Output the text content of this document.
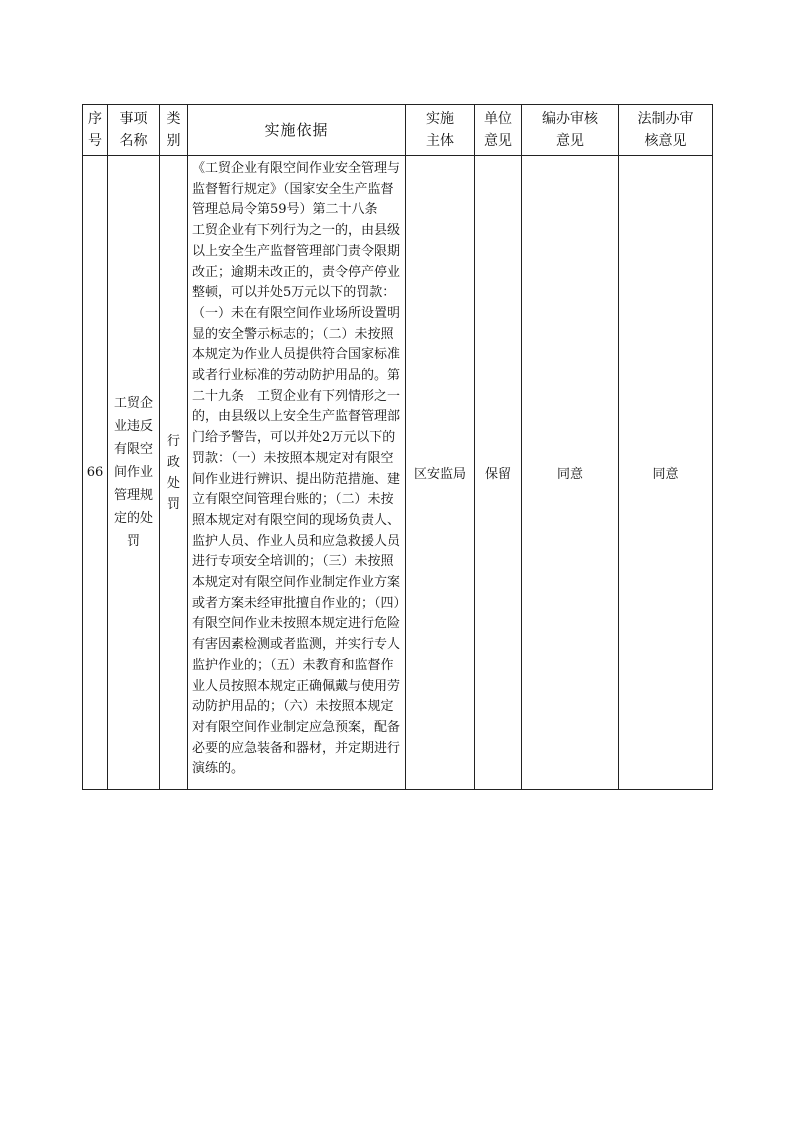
序号	事项名称	类别	实施依据	实施主体	单位意见	编办审核意见	法制办审核意见

66	工贸企业违反有限空间作业管理规定的处罚	行政处罚	《工贸企业有限空间作业安全管理与监督暂行规定》（国家安全生产监督管理总局令第59号）第二十八条　工贸企业有下列行为之一的，由县级以上安全生产监督管理部门责令限期改正；逾期未改正的，责令停产停业整顿，可以并处5万元以下的罚款：（一）未在有限空间作业场所设置明显的安全警示标志的；（二）未按照本规定为作业人员提供符合国家标准或者行业标准的劳动防护用品的。第二十九条　工贸企业有下列情形之一的，由县级以上安全生产监督管理部门给予警告，可以并处2万元以下的罚款：（一）未按照本规定对有限空间作业进行辨识、提出防范措施、建立有限空间管理台账的；（二）未按照本规定对有限空间的现场负责人、监护人员、作业人员和应急救援人员进行专项安全培训的；（三）未按照本规定对有限空间作业制定作业方案或者方案未经审批擅自作业的；（四）有限空间作业未按照本规定进行危险有害因素检测或者监测，并实行专人监护作业的；（五）未教育和监督作业人员按照本规定正确佩戴与使用劳动防护用品的；（六）未按照本规定对有限空间作业制定应急预案，配备必要的应急装备和器材，并定期进行演练的。	区安监局	保留	同意	同意
